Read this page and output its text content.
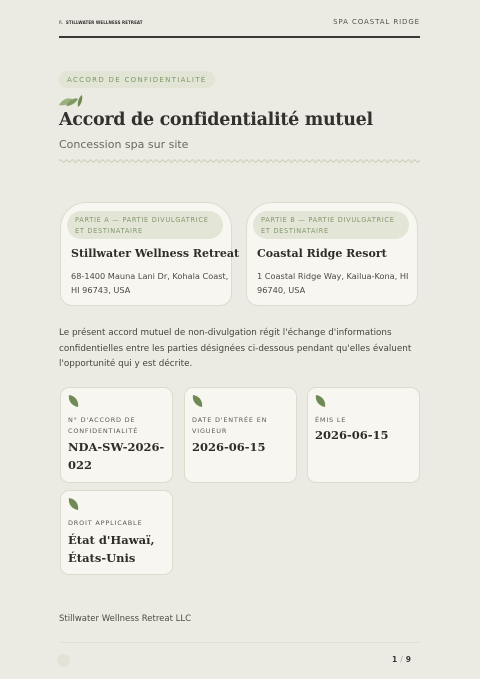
R. STILLWATER WELLNESS RETREAT	SPA COASTAL RIDGE
ACCORD DE CONFIDENTIALITÉ
Accord de confidentialité mutuel
Concession spa sur site
PARTIE A — PARTIE DIVULGATRICE ET DESTINATAIRE
Stillwater Wellness Retreat
68-1400 Mauna Lani Dr, Kohala Coast, HI 96743, USA
PARTIE B — PARTIE DIVULGATRICE ET DESTINATAIRE
Coastal Ridge Resort
1 Coastal Ridge Way, Kailua-Kona, HI 96740, USA

Le présent accord mutuel de non-divulgation régit l'échange d'informations confidentielles entre les parties désignées ci-dessous pendant qu'elles évaluent l'opportunité qui y est décrite.

N° D'ACCORD DE CONFIDENTIALITÉ
NDA-SW-2026-022
DATE D'ENTRÉE EN VIGUEUR
2026-06-15
ÉMIS LE
2026-06-15
DROIT APPLICABLE
État d'Hawaï, États-Unis
Stillwater Wellness Retreat LLC
1 / 9
